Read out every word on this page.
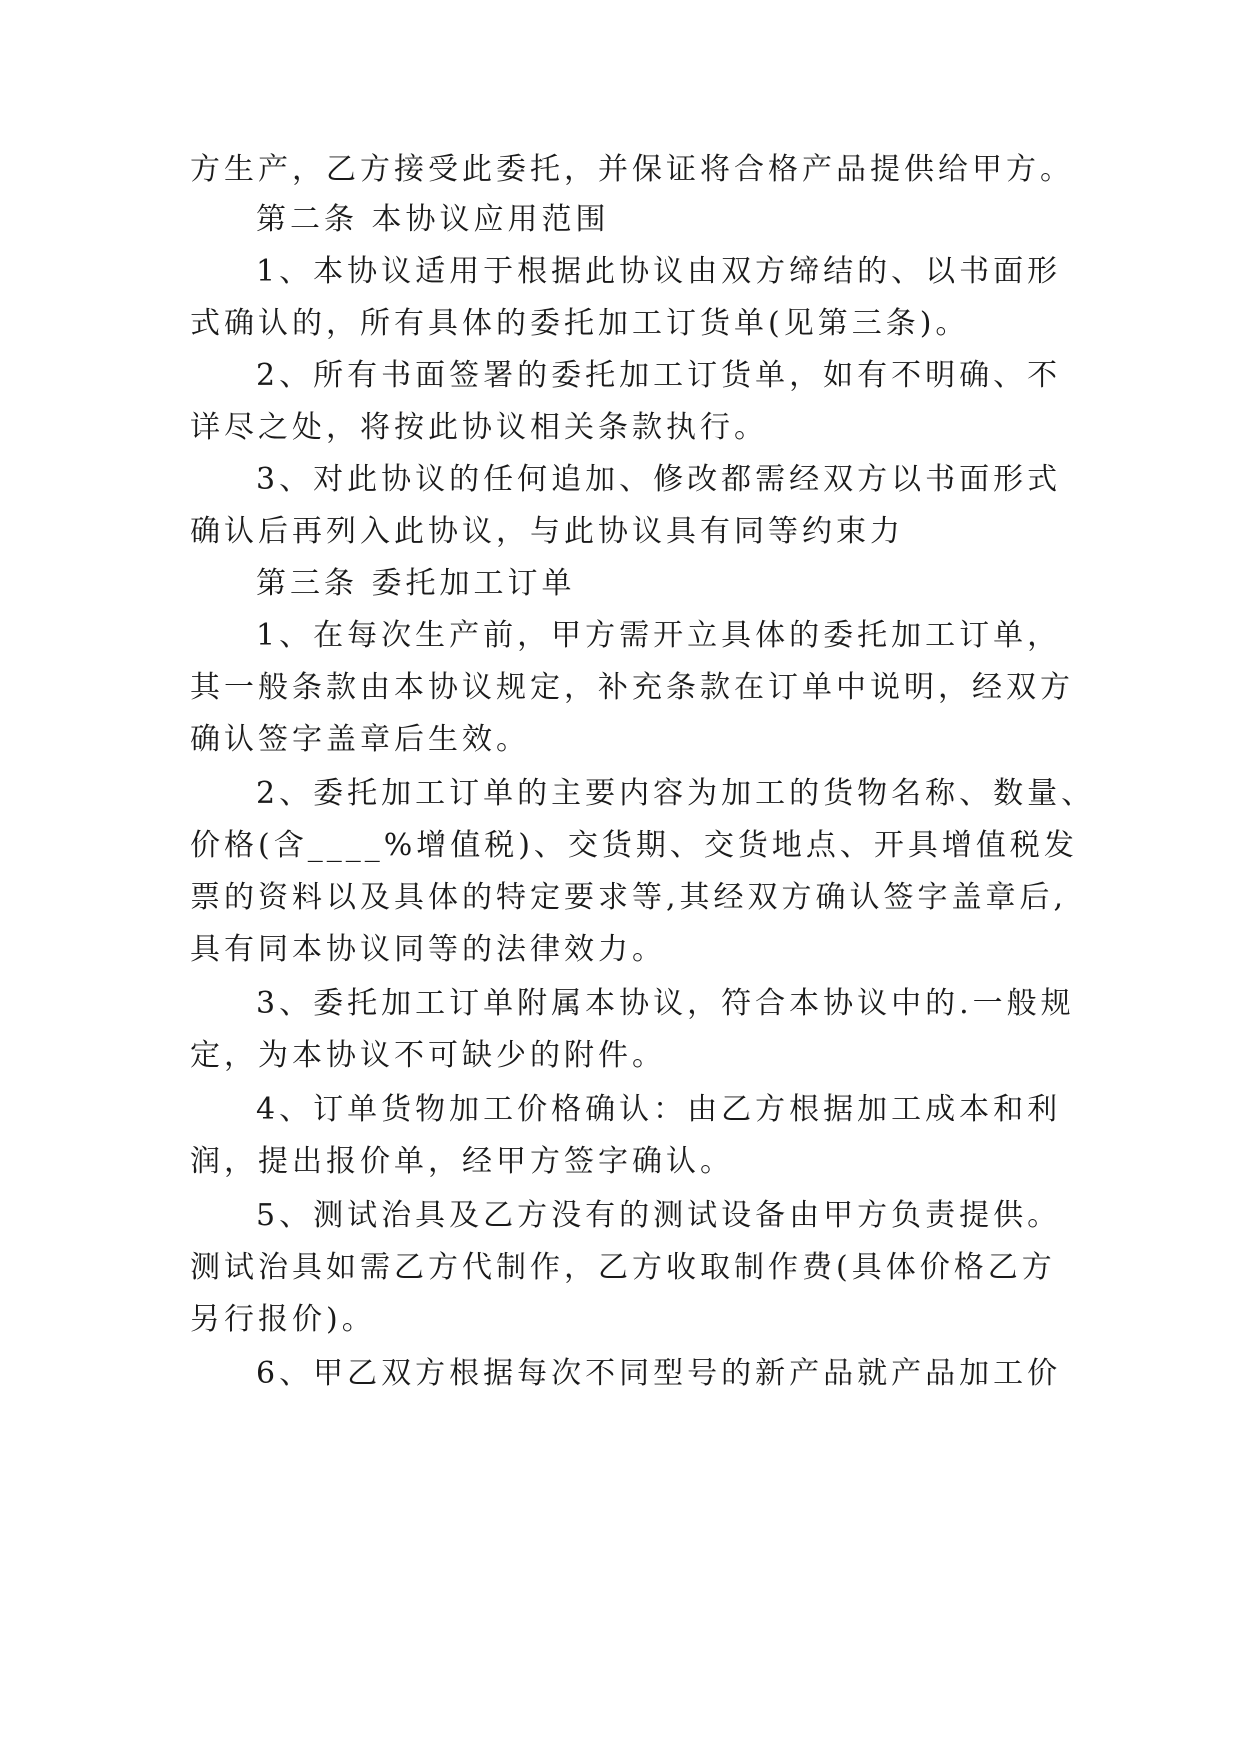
方生产，乙方接受此委托，并保证将合格产品提供给甲方。

第二条 本协议应用范围

1、本协议适用于根据此协议由双方缔结的、以书面形

式确认的，所有具体的委托加工订货单(见第三条)。

2、所有书面签署的委托加工订货单，如有不明确、不

详尽之处，将按此协议相关条款执行。

3、对此协议的任何追加、修改都需经双方以书面形式

确认后再列入此协议，与此协议具有同等约束力

第三条 委托加工订单

1、在每次生产前，甲方需开立具体的委托加工订单，

其一般条款由本协议规定，补充条款在订单中说明，经双方

确认签字盖章后生效。

2、委托加工订单的主要内容为加工的货物名称、数量、

价格(含____%增值税)、交货期、交货地点、开具增值税发

票的资料以及具体的特定要求等,其经双方确认签字盖章后,

具有同本协议同等的法律效力。

3、委托加工订单附属本协议，符合本协议中的.一般规

定，为本协议不可缺少的附件。

4、订单货物加工价格确认：由乙方根据加工成本和利

润，提出报价单，经甲方签字确认。

5、测试治具及乙方没有的测试设备由甲方负责提供。

测试治具如需乙方代制作，乙方收取制作费(具体价格乙方

另行报价)。

6、甲乙双方根据每次不同型号的新产品就产品加工价
